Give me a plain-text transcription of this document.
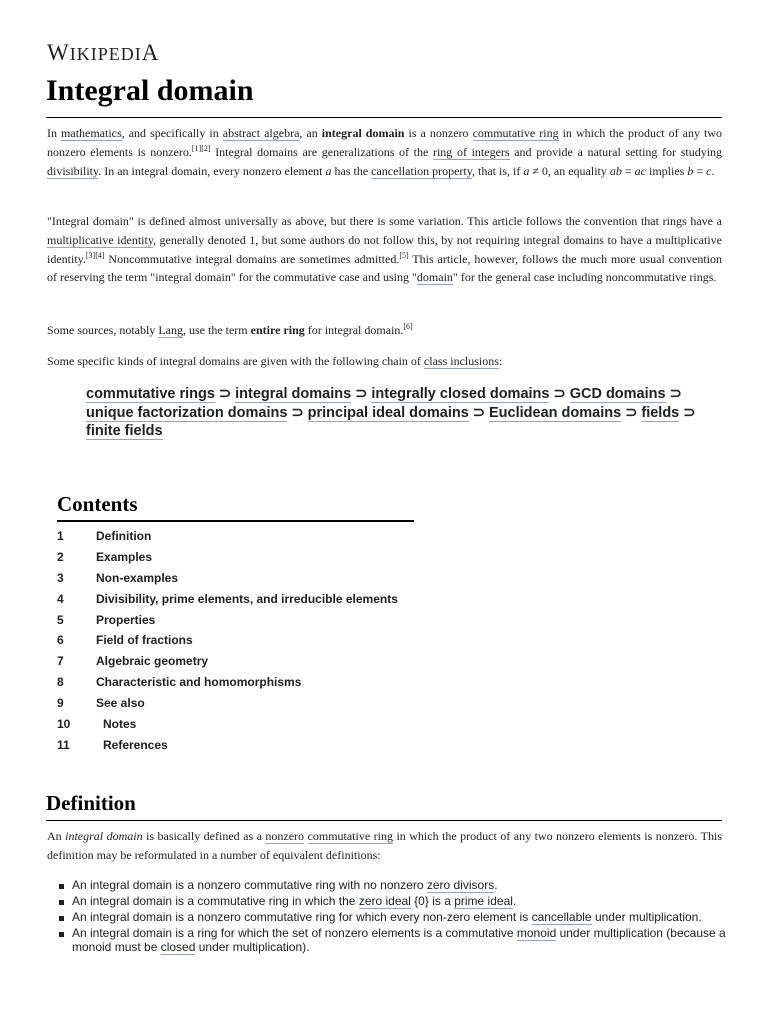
WIKIPEDIA
Integral domain

In mathematics, and specifically in abstract algebra, an integral domain is a nonzero commutative ring in which the product of any two nonzero elements is nonzero.[1][2] Integral domains are generalizations of the ring of integers and provide a natural setting for studying divisibility. In an integral domain, every nonzero element a has the cancellation property, that is, if a ≠ 0, an equality ab = ac implies b = c.

"Integral domain" is defined almost universally as above, but there is some variation. This article follows the convention that rings have a multiplicative identity, generally denoted 1, but some authors do not follow this, by not requiring integral domains to have a multiplicative identity.[3][4] Noncommutative integral domains are sometimes admitted.[5] This article, however, follows the much more usual convention of reserving the term "integral domain" for the commutative case and using "domain" for the general case including noncommutative rings.

Some sources, notably Lang, use the term entire ring for integral domain.[6]

Some specific kinds of integral domains are given with the following chain of class inclusions:

commutative rings ⊃ integral domains ⊃ integrally closed domains ⊃ GCD domains ⊃ unique factorization domains ⊃ principal ideal domains ⊃ Euclidean domains ⊃ fields ⊃ finite fields

Contents
1	Definition
2	Examples
3	Non-examples
4	Divisibility, prime elements, and irreducible elements
5	Properties
6	Field of fractions
7	Algebraic geometry
8	Characteristic and homomorphisms
9	See also
10	Notes
11	References
Definition

An integral domain is basically defined as a nonzero commutative ring in which the product of any two nonzero elements is nonzero. This definition may be reformulated in a number of equivalent definitions:

An integral domain is a nonzero commutative ring with no nonzero zero divisors.
An integral domain is a commutative ring in which the zero ideal {0} is a prime ideal.
An integral domain is a nonzero commutative ring for which every non-zero element is cancellable under multiplication.
An integral domain is a ring for which the set of nonzero elements is a commutative monoid under multiplication (because a monoid must be closed under multiplication).
